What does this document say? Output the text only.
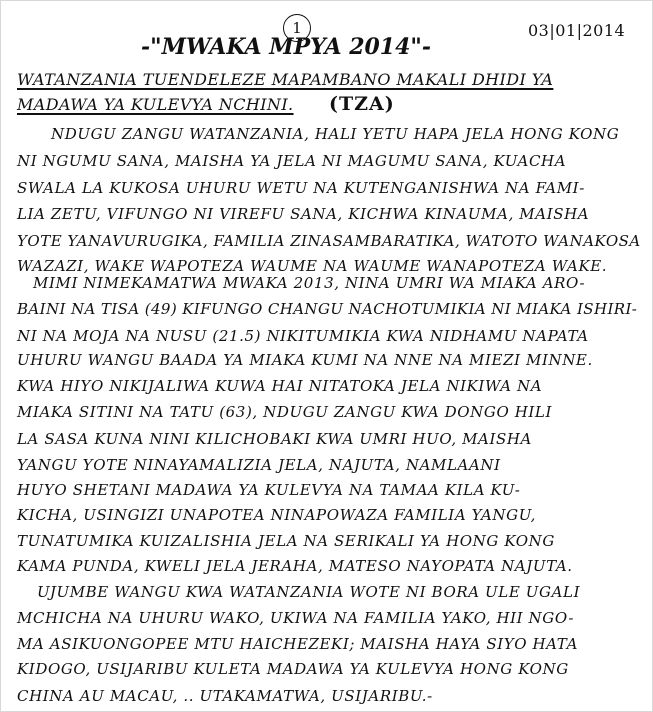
1	03|01|2014
-"MWAKA MPYA 2014"-
WATANZANIA TUENDELEZE MAPAMBANO MAKALI DHIDI YA
MADAWA YA KULEVYA NCHINI. (TZA)
NDUGU ZANGU WATANZANIA, HALI YETU HAPA JELA HONG KONG
NI NGUMU SANA, MAISHA YA JELA NI MAGUMU SANA, KUACHA
SWALA LA KUKOSA UHURU WETU NA KUTENGANISHWA NA FAMI-
LIA ZETU, VIFUNGO NI VIREFU SANA, KICHWA KINAUMA, MAISHA
YOTE YANAVURUGIKA, FAMILIA ZINASAMBARATIKA, WATOTO WANAKOSA
WAZAZI, WAKE WAPOTEZA WAUME NA WAUME WANAPOTEZA WAKE.
MIMI NIMEKAMATWA MWAKA 2013, NINA UMRI WA MIAKA ARO-
BAINI NA TISA (49) KIFUNGO CHANGU NACHOTUMIKIA NI MIAKA ISHIRI-
NI NA MOJA NA NUSU (21.5) NIKITUMIKIA KWA NIDHAMU NAPATA
UHURU WANGU BAADA YA MIAKA KUMI NA NNE NA MIEZI MINNE.
KWA HIYO NIKIJALIWA KUWA HAI NITATOKA JELA NIKIWA NA
MIAKA SITINI NA TATU (63), NDUGU ZANGU KWA DONGO HILI
LA SASA KUNA NINI KILICHOBAKI KWA UMRI HUO, MAISHA
YANGU YOTE NINAYAMALIZIA JELA, NAJUTA, NAMLAANI
HUYO SHETANI MADAWA YA KULEVYA NA TAMAA KILA KU-
KICHA, USINGIZI UNAPOTEA NINAPOWAZA FAMILIA YANGU,
TUNATUMIKA KUIZALISHIA JELA NA SERIKALI YA HONG KONG
KAMA PUNDA, KWELI JELA JERAHA, MATESO NAYOPATA NAJUTA.
UJUMBE WANGU KWA WATANZANIA WOTE NI BORA ULE UGALI
MCHICHA NA UHURU WAKO, UKIWA NA FAMILIA YAKO, HII NGO-
MA ASIKUONGOPEE MTU HAICHEZEKI; MAISHA HAYA SIYO HATA
KIDOGO, USIJARIBU KULETA MADAWA YA KULEVYA HONG KONG
CHINA AU MACAU, .. UTAKAMATWA, USIJARIBU.-
